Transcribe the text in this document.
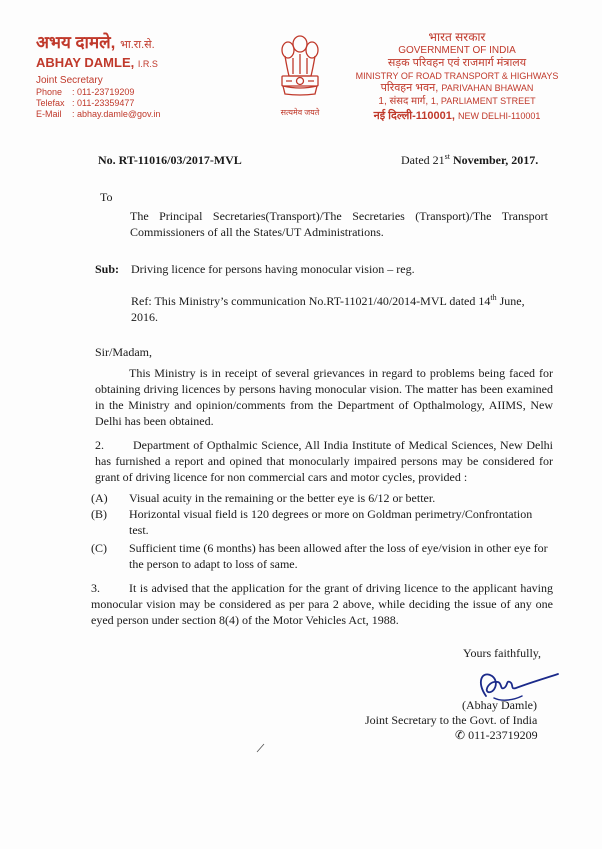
अभय दामले, भा.रा.से.
ABHAY DAMLE, I.R.S
Joint Secretary
Phone : 011-23719209
Telefax : 011-23359477
E-Mail : abhay.damle@gov.in	सत्यमेव जयते
भारत सरकार
GOVERNMENT OF INDIA
सड़क परिवहन एवं राजमार्ग मंत्रालय
MINISTRY OF ROAD TRANSPORT & HIGHWAYS
परिवहन भवन, PARIVAHAN BHAWAN
1, संसद मार्ग, 1, PARLIAMENT STREET
नई दिल्ली-110001, NEW DELHI-110001
No. RT-11016/03/2017-MVL	Dated 21st November, 2017.
To
The Principal Secretaries(Transport)/The Secretaries (Transport)/The Transport Commissioners of all the States/UT Administrations.
Sub: Driving licence for persons having monocular vision – reg.
Ref: This Ministry’s communication No.RT-11021/40/2014-MVL dated 14th June, 2016.
Sir/Madam,
This Ministry is in receipt of several grievances in regard to problems being faced for obtaining driving licences by persons having monocular vision. The matter has been examined in the Ministry and opinion/comments from the Department of Opthalmology, AIIMS, New Delhi has been obtained.
2. Department of Opthalmic Science, All India Institute of Medical Sciences, New Delhi has furnished a report and opined that monocularly impaired persons may be considered for grant of driving licence for non commercial cars and motor cycles, provided :
(A) Visual acuity in the remaining or the better eye is 6/12 or better.
(B) Horizontal visual field is 120 degrees or more on Goldman perimetry/Confrontation test.
(C) Sufficient time (6 months) has been allowed after the loss of eye/vision in other eye for the person to adapt to loss of same.
3. It is advised that the application for the grant of driving licence to the applicant having monocular vision may be considered as per para 2 above, while deciding the issue of any one eyed person under section 8(4) of the Motor Vehicles Act, 1988.
Yours faithfully,
(Abhay Damle)
Joint Secretary to the Govt. of India
✆ 011-23719209
